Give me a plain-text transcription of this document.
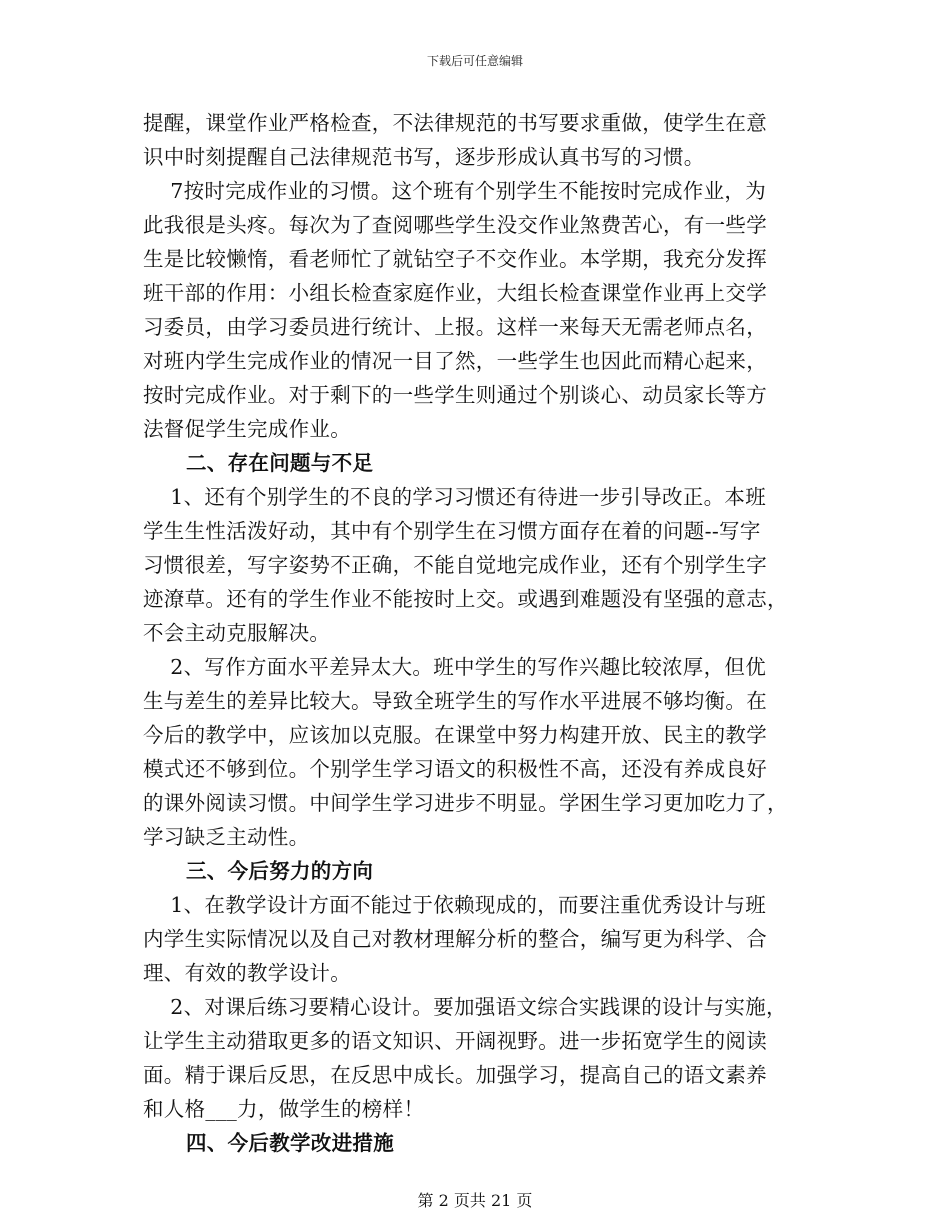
下载后可任意编辑
提醒，课堂作业严格检查，不法律规范的书写要求重做，使学生在意
识中时刻提醒自己法律规范书写，逐步形成认真书写的习惯。
7按时完成作业的习惯。这个班有个别学生不能按时完成作业，为
此我很是头疼。每次为了查阅哪些学生没交作业煞费苦心，有一些学
生是比较懒惰，看老师忙了就钻空子不交作业。本学期，我充分发挥
班干部的作用：小组长检查家庭作业，大组长检查课堂作业再上交学
习委员，由学习委员进行统计、上报。这样一来每天无需老师点名，
对班内学生完成作业的情况一目了然，一些学生也因此而精心起来，
按时完成作业。对于剩下的一些学生则通过个别谈心、动员家长等方
法督促学生完成作业。
二、存在问题与不足
1、还有个别学生的不良的学习习惯还有待进一步引导改正。本班
学生生性活泼好动，其中有个别学生在习惯方面存在着的问题--写字
习惯很差，写字姿势不正确，不能自觉地完成作业，还有个别学生字
迹潦草。还有的学生作业不能按时上交。或遇到难题没有坚强的意志，
不会主动克服解决。
2、写作方面水平差异太大。班中学生的写作兴趣比较浓厚，但优
生与差生的差异比较大。导致全班学生的写作水平进展不够均衡。在
今后的教学中，应该加以克服。在课堂中努力构建开放、民主的教学
模式还不够到位。个别学生学习语文的积极性不高，还没有养成良好
的课外阅读习惯。中间学生学习进步不明显。学困生学习更加吃力了，
学习缺乏主动性。
三、今后努力的方向
1、在教学设计方面不能过于依赖现成的，而要注重优秀设计与班
内学生实际情况以及自己对教材理解分析的整合，编写更为科学、合
理、有效的教学设计。
2、对课后练习要精心设计。要加强语文综合实践课的设计与实施，
让学生主动猎取更多的语文知识、开阔视野。进一步拓宽学生的阅读
面。精于课后反思，在反思中成长。加强学习，提高自己的语文素养
和人格___力，做学生的榜样！
四、今后教学改进措施
第 2 页共 21 页
